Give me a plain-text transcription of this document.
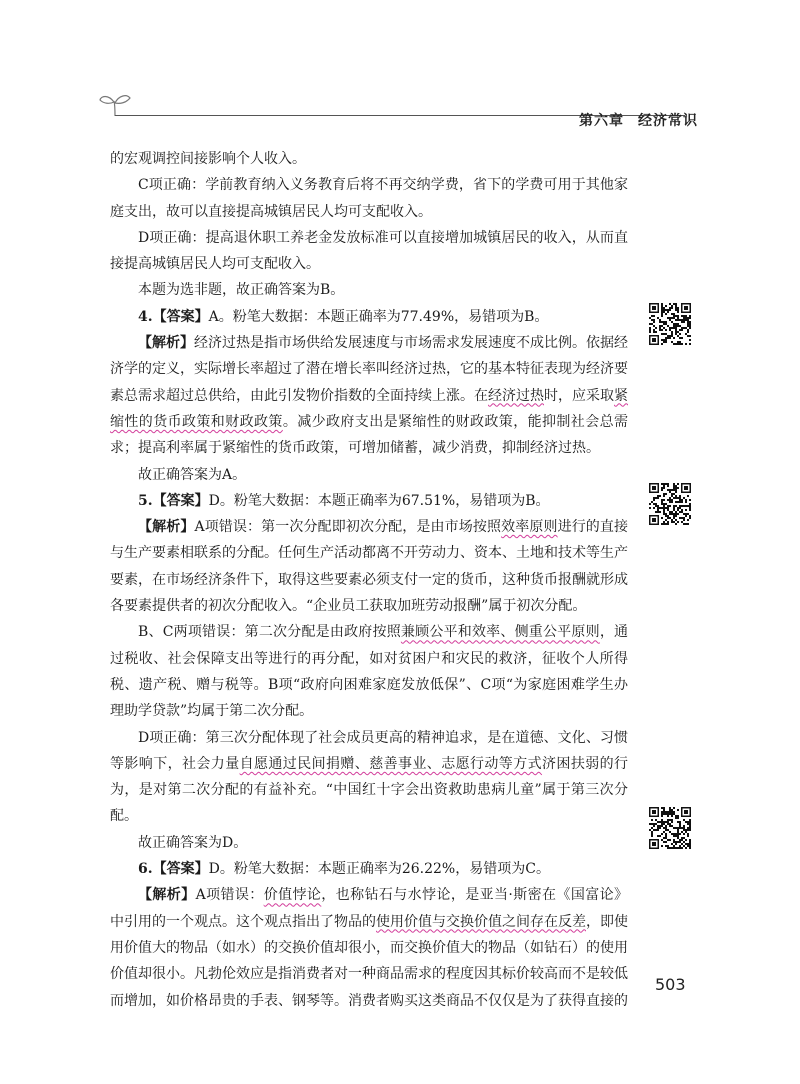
第六章 经济常识

的宏观调控间接影响个人收入。

C项正确：学前教育纳入义务教育后将不再交纳学费，省下的学费可用于其他家庭支出，故可以直接提高城镇居民人均可支配收入。

D项正确：提高退休职工养老金发放标准可以直接增加城镇居民的收入，从而直接提高城镇居民人均可支配收入。

本题为选非题，故正确答案为B。

4.【答案】A。粉笔大数据：本题正确率为77.49%，易错项为B。

【解析】经济过热是指市场供给发展速度与市场需求发展速度不成比例。依据经济学的定义，实际增长率超过了潜在增长率叫经济过热，它的基本特征表现为经济要素总需求超过总供给，由此引发物价指数的全面持续上涨。在经济过热时，应采取紧缩性的货币政策和财政政策。减少政府支出是紧缩性的财政政策，能抑制社会总需求；提高利率属于紧缩性的货币政策，可增加储蓄，减少消费，抑制经济过热。

故正确答案为A。

5.【答案】D。粉笔大数据：本题正确率为67.51%，易错项为B。

【解析】A项错误：第一次分配即初次分配，是由市场按照效率原则进行的直接与生产要素相联系的分配。任何生产活动都离不开劳动力、资本、土地和技术等生产要素，在市场经济条件下，取得这些要素必须支付一定的货币，这种货币报酬就形成各要素提供者的初次分配收入。“企业员工获取加班劳动报酬”属于初次分配。

B、C两项错误：第二次分配是由政府按照兼顾公平和效率、侧重公平原则，通过税收、社会保障支出等进行的再分配，如对贫困户和灾民的救济，征收个人所得税、遗产税、赠与税等。B项“政府向困难家庭发放低保”、C项“为家庭困难学生办理助学贷款”均属于第二次分配。

D项正确：第三次分配体现了社会成员更高的精神追求，是在道德、文化、习惯等影响下，社会力量自愿通过民间捐赠、慈善事业、志愿行动等方式济困扶弱的行为，是对第二次分配的有益补充。“中国红十字会出资救助患病儿童”属于第三次分配。

故正确答案为D。

6.【答案】D。粉笔大数据：本题正确率为26.22%，易错项为C。

【解析】A项错误：价值悖论，也称钻石与水悖论，是亚当·斯密在《国富论》中引用的一个观点。这个观点指出了物品的使用价值与交换价值之间存在反差，即使用价值大的物品（如水）的交换价值却很小，而交换价值大的物品（如钻石）的使用价值却很小。凡勃伦效应是指消费者对一种商品需求的程度因其标价较高而不是较低而增加，如价格昂贵的手表、钢琴等。消费者购买这类商品不仅仅是为了获得直接的

503
